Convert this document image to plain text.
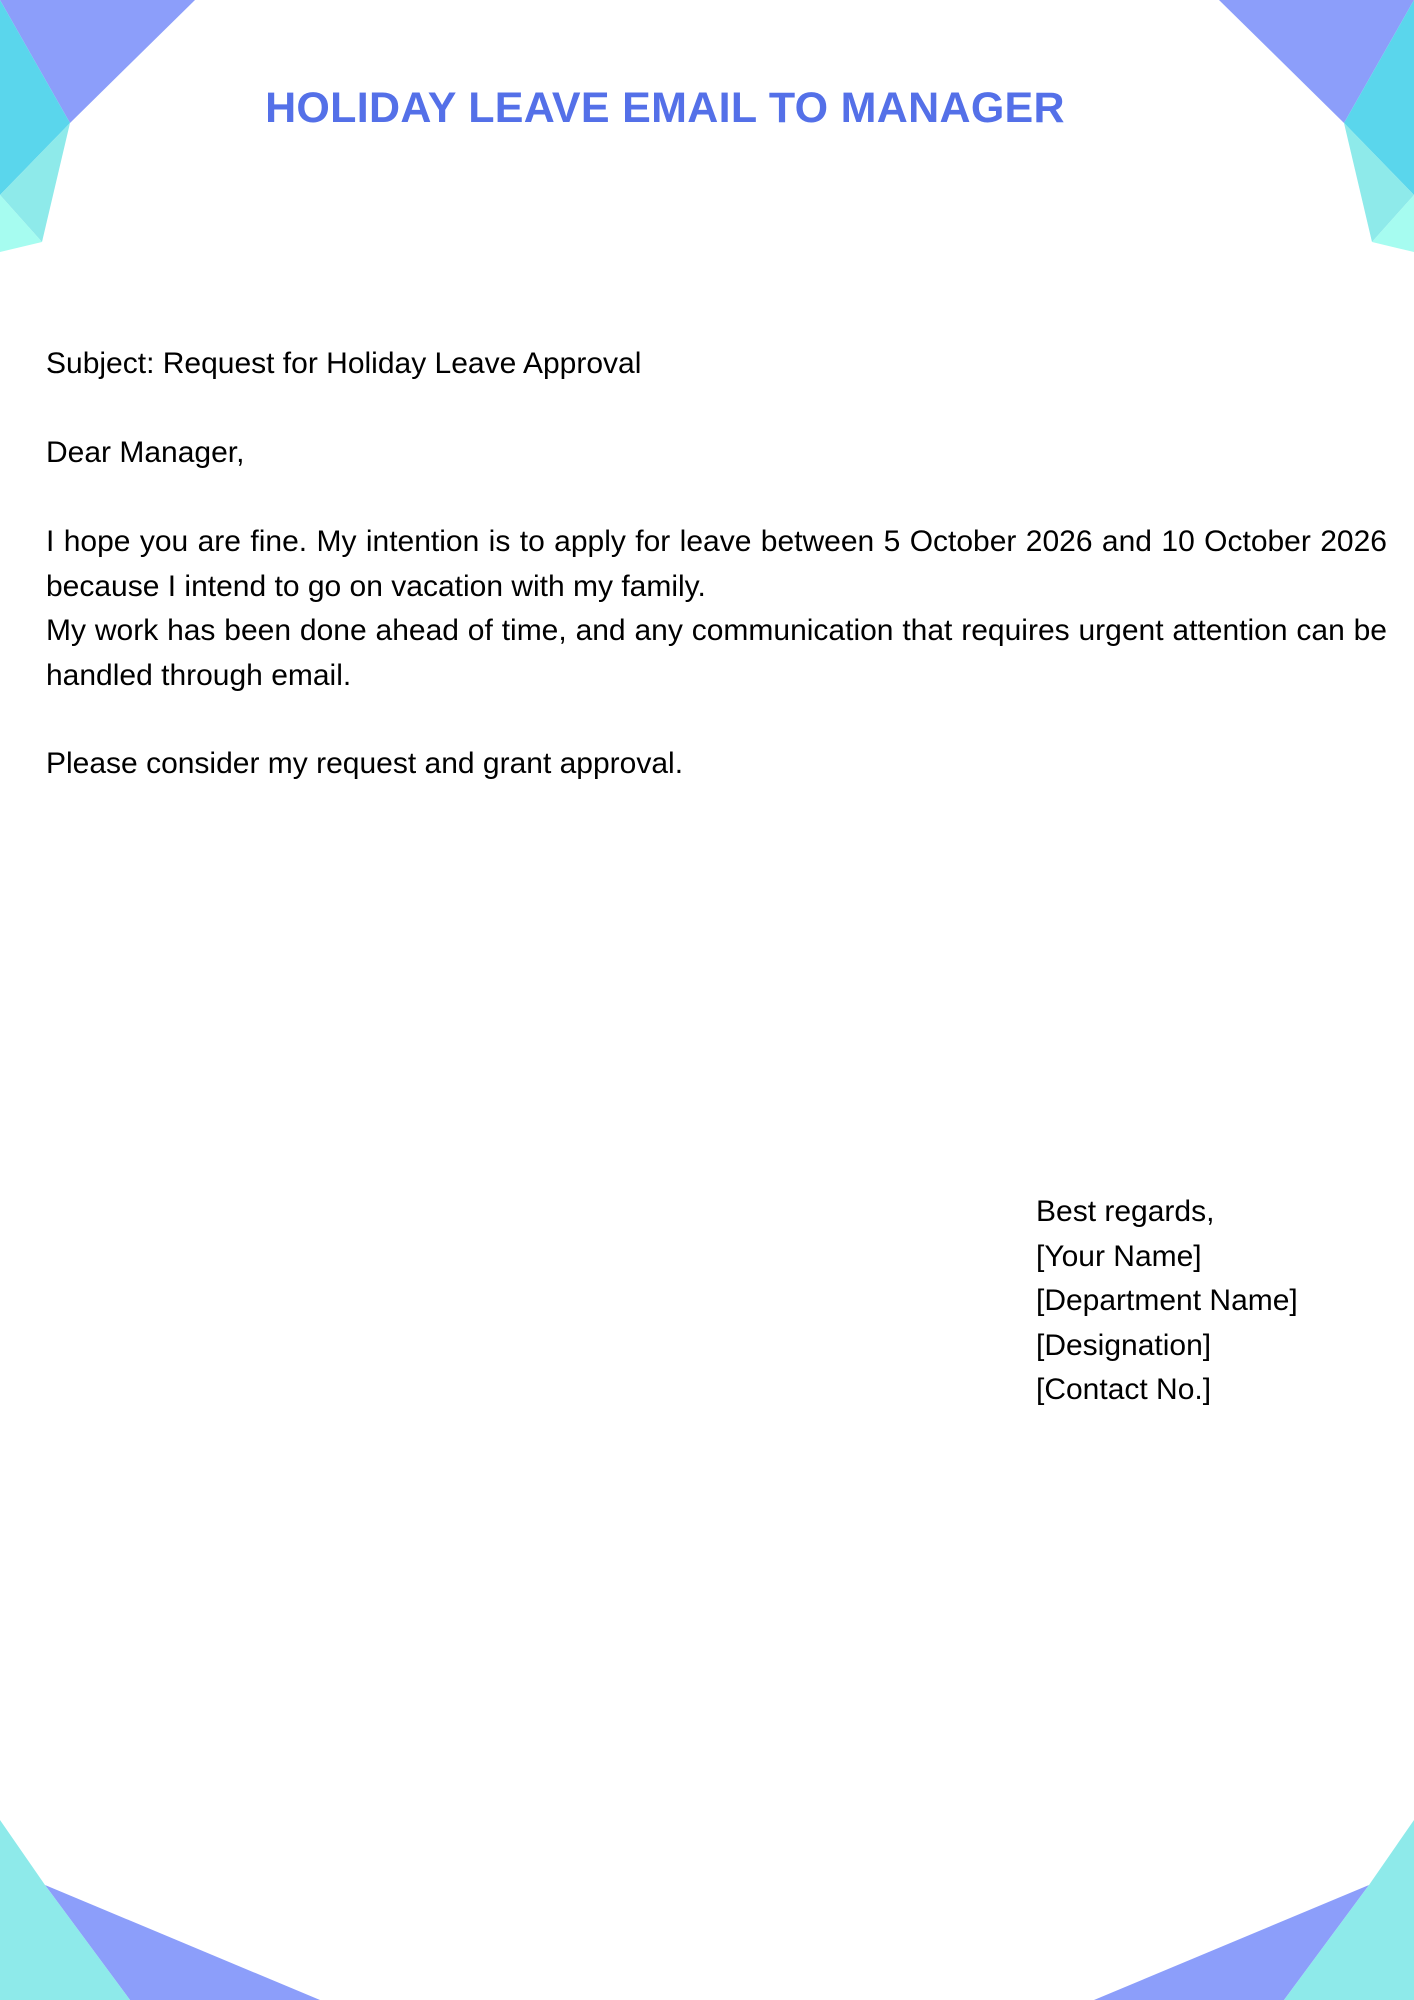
HOLIDAY LEAVE EMAIL TO MANAGER

Subject: Request for Holiday Leave Approval

Dear Manager,

I hope you are fine. My intention is to apply for leave between 5 October 2026 and 10 October 2026 because I intend to go on vacation with my family.
My work has been done ahead of time, and any communication that requires urgent attention can be handled through email.

Please consider my request and grant approval.

Best regards,
[Your Name]
[Department Name]
[Designation]
[Contact No.]
